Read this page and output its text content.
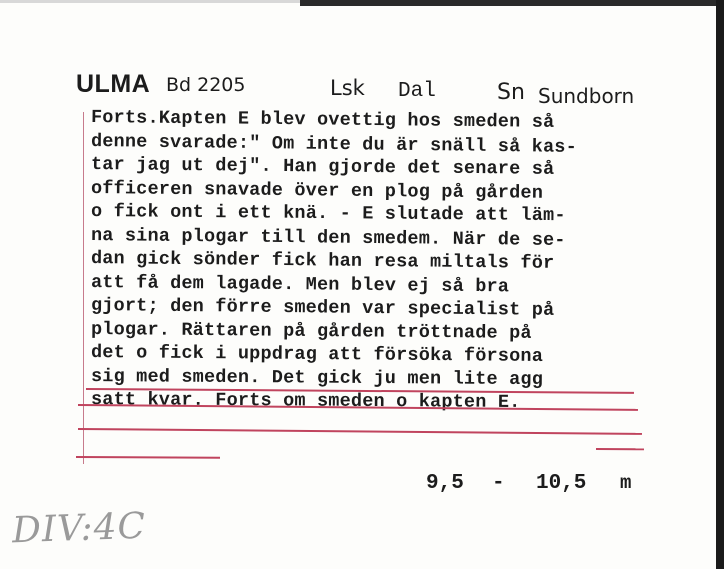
ULMA Bd 2205	Lsk Dal	Sn Sundborn
Forts.Kapten E blev ovettig hos smeden så
denne svarade:" Om inte du är snäll så kas-
tar jag ut dej". Han gjorde det senare så
officeren snavade över en plog på gården
o fick ont i ett knä. - E slutade att läm-
na sina plogar till den smedem. När de se-
dan gick sönder fick han resa miltals för
att få dem lagade. Men blev ej så bra
gjort; den förre smeden var specialist på
plogar. Rättaren på gården tröttnade på
det o fick i uppdrag att försöka försona
sig med smeden. Det gick ju men lite agg
satt kvar. Forts om smeden o kapten E.
9,5 - 10,5 m
DIV:4C
